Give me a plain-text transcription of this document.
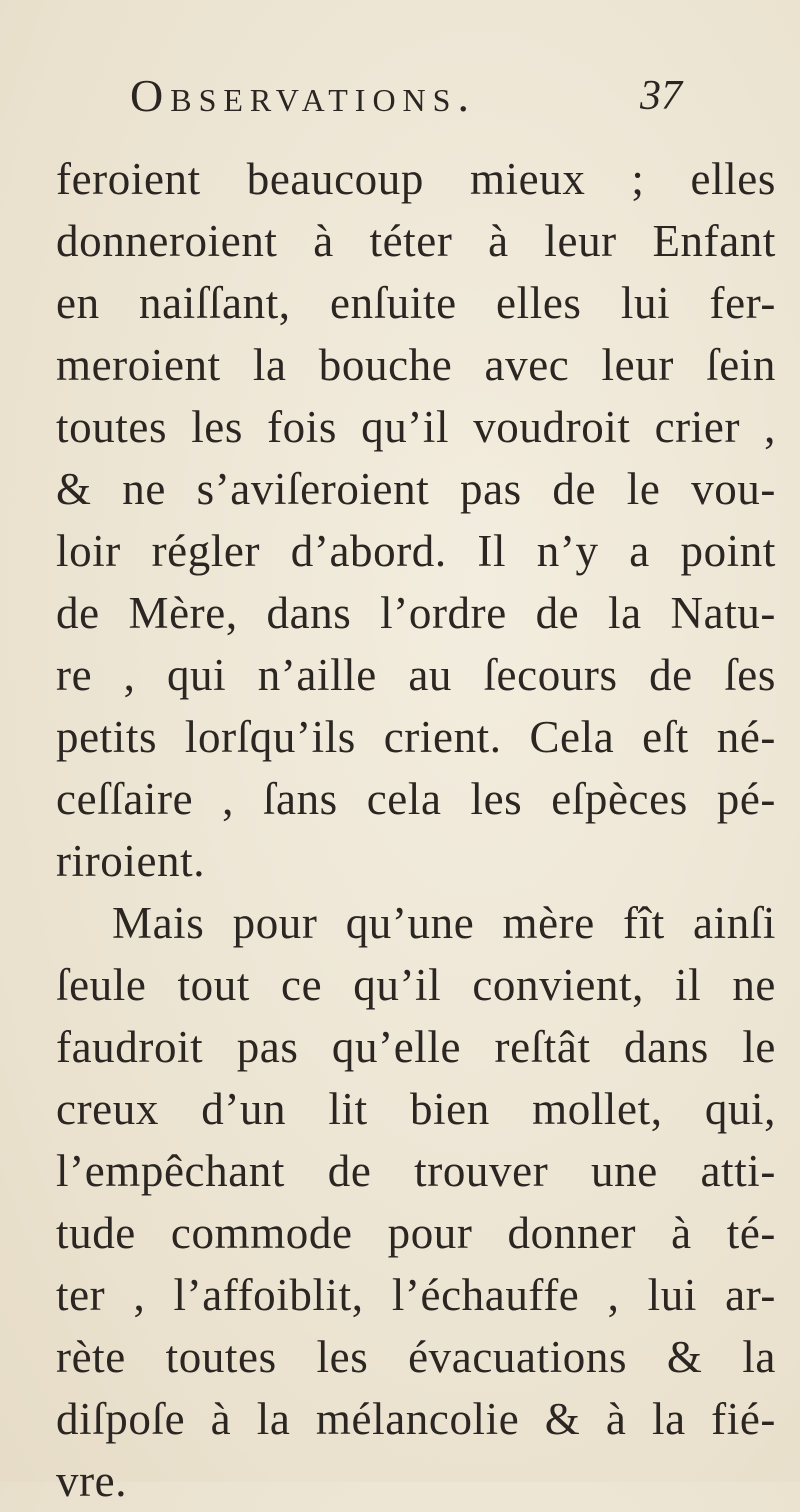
Observations.	37
feroient beaucoup mieux ; elles
donneroient à téter à leur Enfant
en naiſſant, enſuite elles lui fer-
meroient la bouche avec leur ſein
toutes les fois qu’il voudroit crier ,
& ne s’aviſeroient pas de le vou-
loir régler d’abord. Il n’y a point
de Mère, dans l’ordre de la Natu-
re , qui n’aille au ſecours de ſes
petits lorſqu’ils crient. Cela eſt né-
ceſſaire , ſans cela les eſpèces pé-
riroient.
Mais pour qu’une mère fît ainſi
ſeule tout ce qu’il convient, il ne
faudroit pas qu’elle reſtât dans le
creux d’un lit bien mollet, qui,
l’empêchant de trouver une atti-
tude commode pour donner à té-
ter , l’affoiblit, l’échauffe , lui ar-
rète toutes les évacuations & la
diſpoſe à la mélancolie & à la fié-
vre.
